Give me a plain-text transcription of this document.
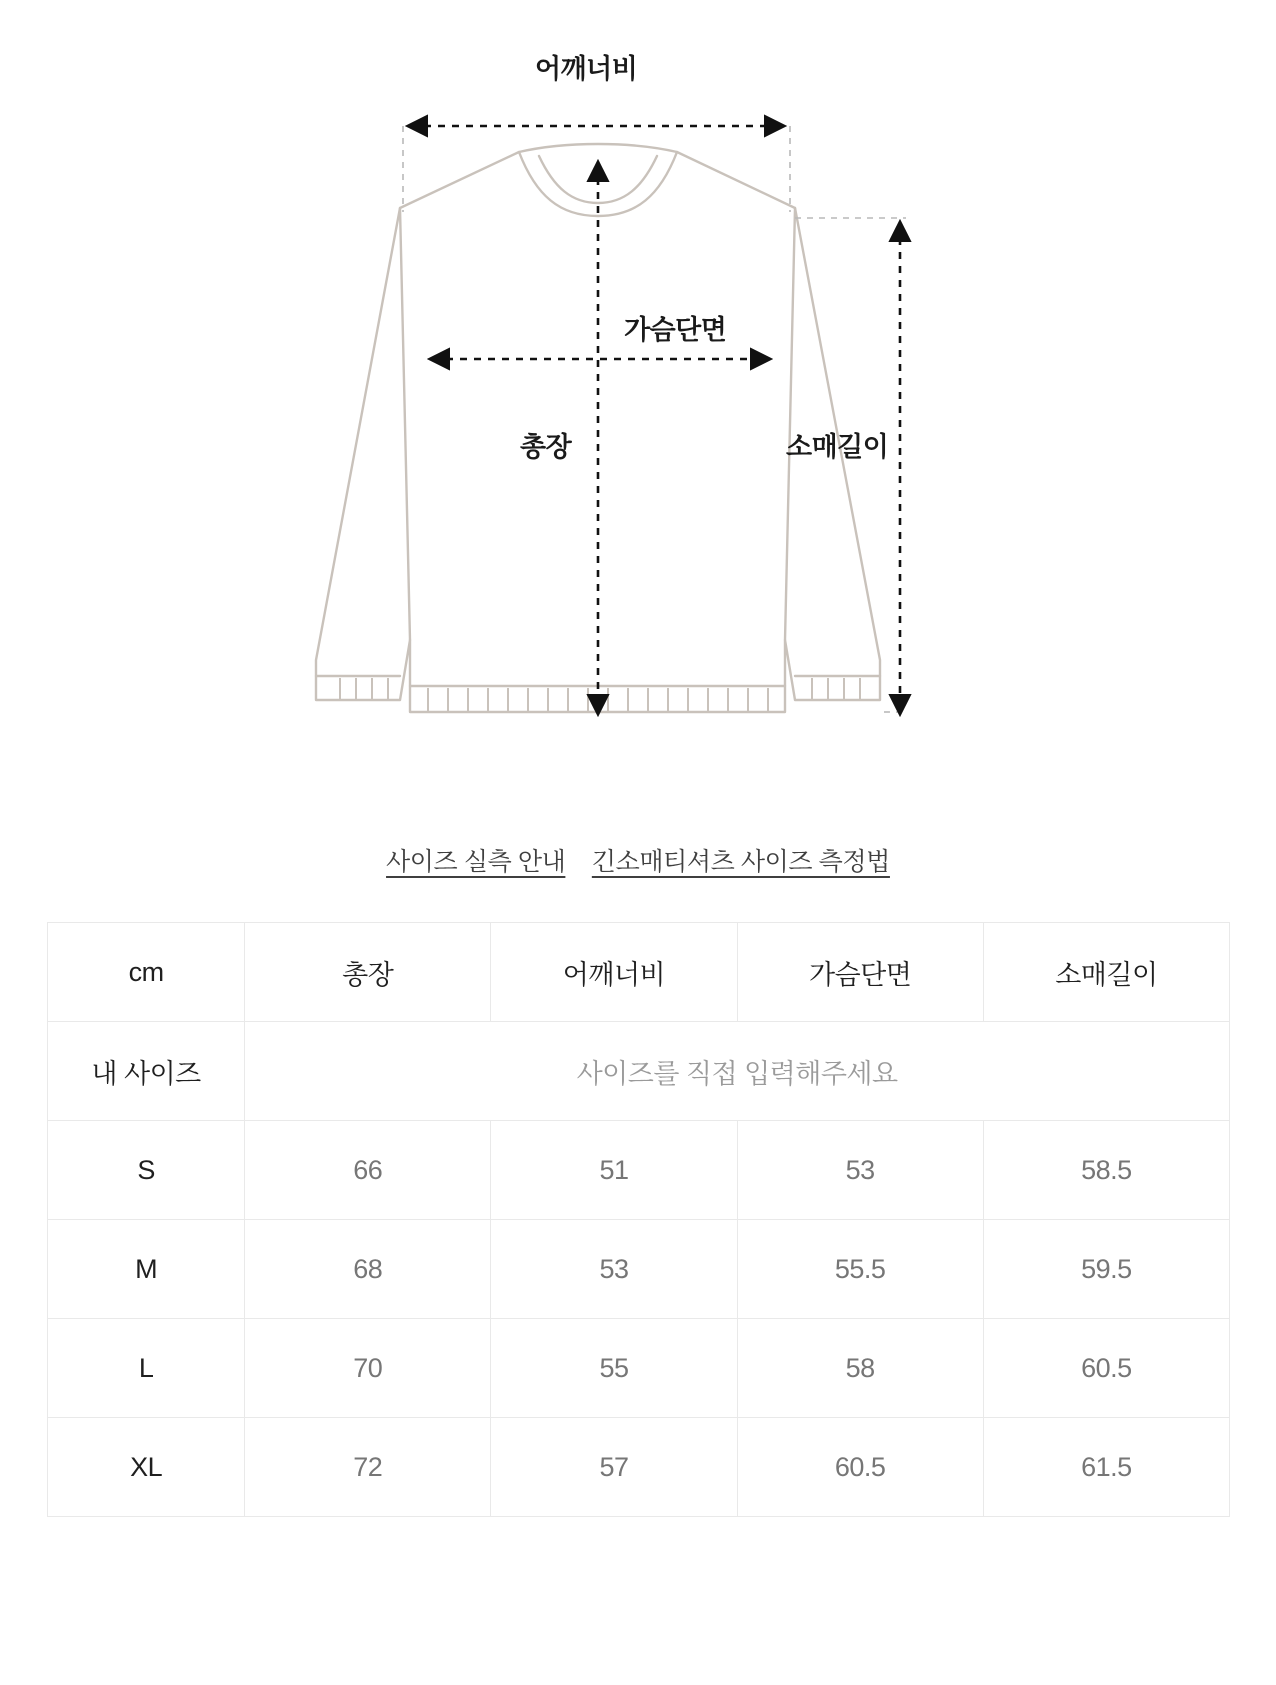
어깨너비
가슴단면
총장	소매길이
사이즈 실측 안내 긴소매티셔츠 사이즈 측정법
cm	총장	어깨너비	가슴단면	소매길이
내 사이즈	사이즈를 직접 입력해주세요			
S	66	51	53	58.5
M	68	53	55.5	59.5
L	70	55	58	60.5
XL	72	57	60.5	61.5
